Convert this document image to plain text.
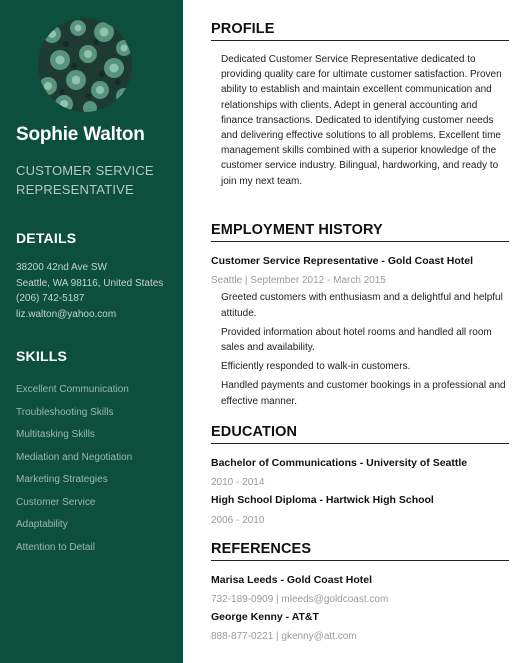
Sophie Walton
CUSTOMER SERVICE REPRESENTATIVE
DETAILS
38200 42nd Ave SW
Seattle, WA 98116, United States
(206) 742-5187
liz.walton@yahoo.com
SKILLS
Excellent Communication
Troubleshooting Skills
Multitasking Skills
Mediation and Negotiation
Marketing Strategies
Customer Service
Adaptability
Attention to Detail
PROFILE
Dedicated Customer Service Representative dedicated to providing quality care for ultimate customer satisfaction. Proven ability to establish and maintain excellent communication and relationships with clients. Adept in general accounting and finance transactions. Dedicated to identifying customer needs and delivering effective solutions to all problems. Excellent time management skills combined with a superior knowledge of the customer service industry. Bilingual, hardworking, and ready to join my next team.
EMPLOYMENT HISTORY
Customer Service Representative - Gold Coast Hotel
Seattle | September 2012 - March 2015
Greeted customers with enthusiasm and a delightful and helpful attitude.
Provided information about hotel rooms and handled all room sales and availability.
Efficiently responded to walk-in customers.
Handled payments and customer bookings in a professional and effective manner.
EDUCATION
Bachelor of Communications - University of Seattle
2010 - 2014
High School Diploma - Hartwick High School
2006 - 2010
REFERENCES
Marisa Leeds - Gold Coast Hotel
732-189-0909 | mleeds@goldcoast.com
George Kenny - AT&T
888-877-0221 | gkenny@att.com
